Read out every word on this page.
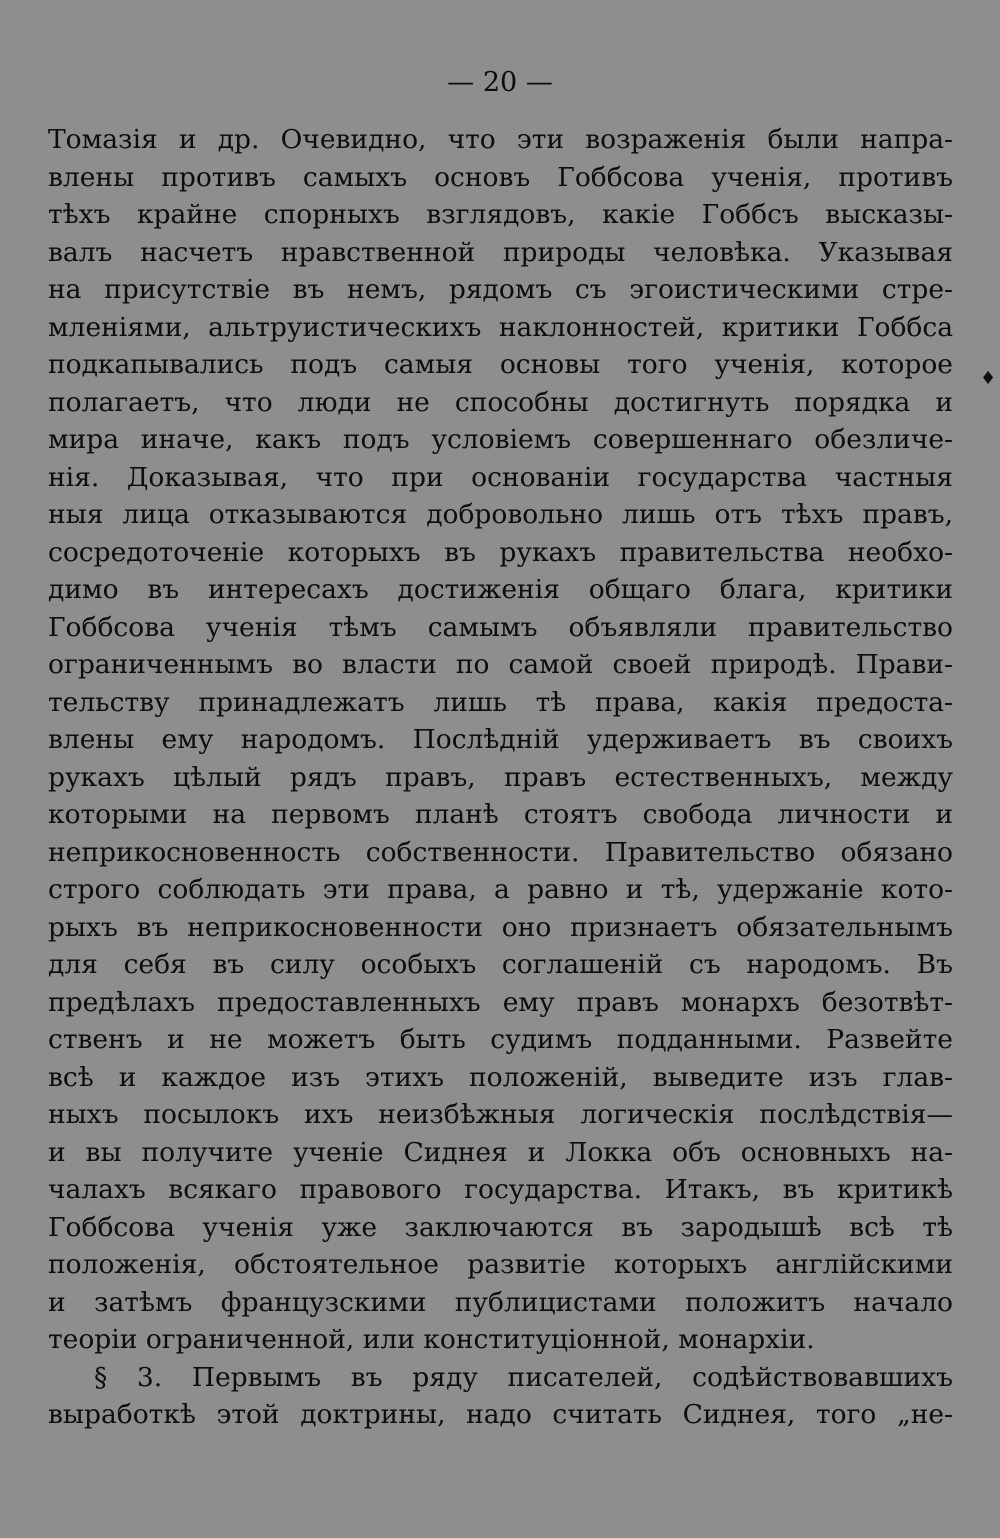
— 20 —
Томазія и др. Очевидно, что эти возраженія были напра-
влены противъ самыхъ основъ Гоббсова ученія, противъ
тѣхъ крайне спорныхъ взглядовъ, какіе Гоббсъ высказы-
валъ насчетъ нравственной природы человѣка. Указывая
на присутствіе въ немъ, рядомъ съ эгоистическими стре-
мленіями, альтруистическихъ наклонностей, критики Гоббса
подкапывались подъ самыя основы того ученія, которое
полагаетъ, что люди не способны достигнуть порядка и
мира иначе, какъ подъ условіемъ совершеннаго обезличе-
нія. Доказывая, что при основаніи государства частныя
ныя лица отказываются добровольно лишь отъ тѣхъ правъ,
сосредоточеніе которыхъ въ рукахъ правительства необхо-
димо въ интересахъ достиженія общаго блага, критики
Гоббсова ученія тѣмъ самымъ объявляли правительство
ограниченнымъ во власти по самой своей природѣ. Прави-
тельству принадлежатъ лишь тѣ права, какія предоста-
влены ему народомъ. Послѣдній удерживаетъ въ своихъ
рукахъ цѣлый рядъ правъ, правъ естественныхъ, между
которыми на первомъ планѣ стоятъ свобода личности и
неприкосновенность собственности. Правительство обязано
строго соблюдать эти права, а равно и тѣ, удержаніе кото-
рыхъ въ неприкосновенности оно признаетъ обязательнымъ
для себя въ силу особыхъ соглашеній съ народомъ. Въ
предѣлахъ предоставленныхъ ему правъ монархъ безотвѣт-
ственъ и не можетъ быть судимъ подданными. Развейте
всѣ и каждое изъ этихъ положеній, выведите изъ глав-
ныхъ посылокъ ихъ неизбѣжныя логическія послѣдствія—
и вы получите ученіе Сиднея и Локка объ основныхъ на-
чалахъ всякаго правового государства. Итакъ, въ критикѣ
Гоббсова ученія уже заключаются въ зародышѣ всѣ тѣ
положенія, обстоятельное развитіе которыхъ англійскими
и затѣмъ французскими публицистами положитъ начало
теоріи ограниченной, или конституціонной, монархіи.
§ 3. Первымъ въ ряду писателей, содѣйствовавшихъ
выработкѣ этой доктрины, надо считать Сиднея, того „не-
♦
